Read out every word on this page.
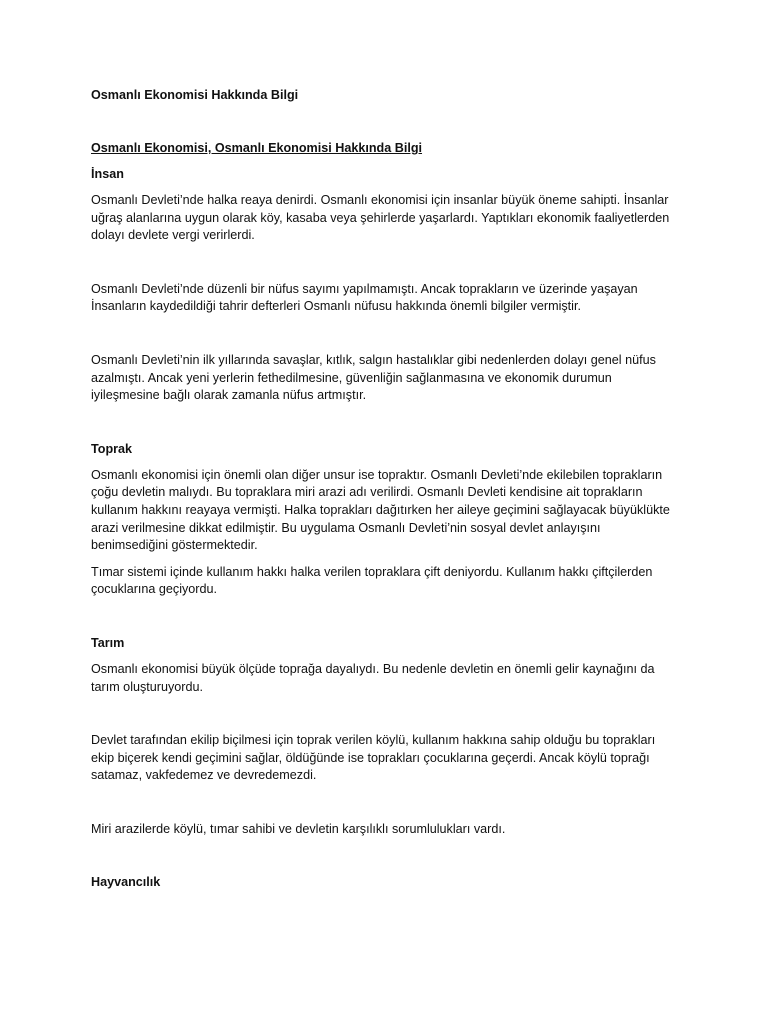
Osmanlı Ekonomisi Hakkında Bilgi

Osmanlı Ekonomisi, Osmanlı Ekonomisi Hakkında Bilgi

İnsan

Osmanlı Devleti’nde halka reaya denirdi. Osmanlı ekonomisi için insanlar büyük öneme sahipti. İnsanlar uğraş alanlarına uygun olarak köy, kasaba veya şehirlerde yaşarlardı. Yaptıkları ekonomik faaliyetlerden dolayı devlete vergi verirlerdi.

Osmanlı Devleti’nde düzenli bir nüfus sayımı yapılmamıştı. Ancak toprakların ve üzerinde yaşayan İnsanların kaydedildiği tahrir defterleri Osmanlı nüfusu hakkında önemli bilgiler vermiştir.

Osmanlı Devleti’nin ilk yıllarında savaşlar, kıtlık, salgın hastalıklar gibi nedenlerden dolayı genel nüfus azalmıştı. Ancak yeni yerlerin fethedilmesine, güvenliğin sağlanmasına ve ekonomik durumun iyileşmesine bağlı olarak zamanla nüfus artmıştır.

Toprak

Osmanlı ekonomisi için önemli olan diğer unsur ise topraktır. Osmanlı Devleti’nde ekilebilen toprakların çoğu devletin malıydı. Bu topraklara miri arazi adı verilirdi. Osmanlı Devleti kendisine ait toprakların kullanım hakkını reayaya vermişti. Halka toprakları dağıtırken her aileye geçimini sağlayacak büyüklükte arazi verilmesine dikkat edilmiştir. Bu uygulama Osmanlı Devleti’nin sosyal devlet anlayışını benimsediğini göstermektedir.

Tımar sistemi içinde kullanım hakkı halka verilen topraklara çift deniyordu. Kullanım hakkı çiftçilerden çocuklarına geçiyordu.

Tarım

Osmanlı ekonomisi büyük ölçüde toprağa dayalıydı. Bu nedenle devletin en önemli gelir kaynağını da tarım oluşturuyordu.

Devlet tarafından ekilip biçilmesi için toprak verilen köylü, kullanım hakkına sahip olduğu bu toprakları ekip biçerek kendi geçimini sağlar, öldüğünde ise toprakları çocuklarına geçerdi. Ancak köylü toprağı satamaz, vakfedemez ve devredemezdi.

Miri arazilerde köylü, tımar sahibi ve devletin karşılıklı sorumlulukları vardı.

Hayvancılık
